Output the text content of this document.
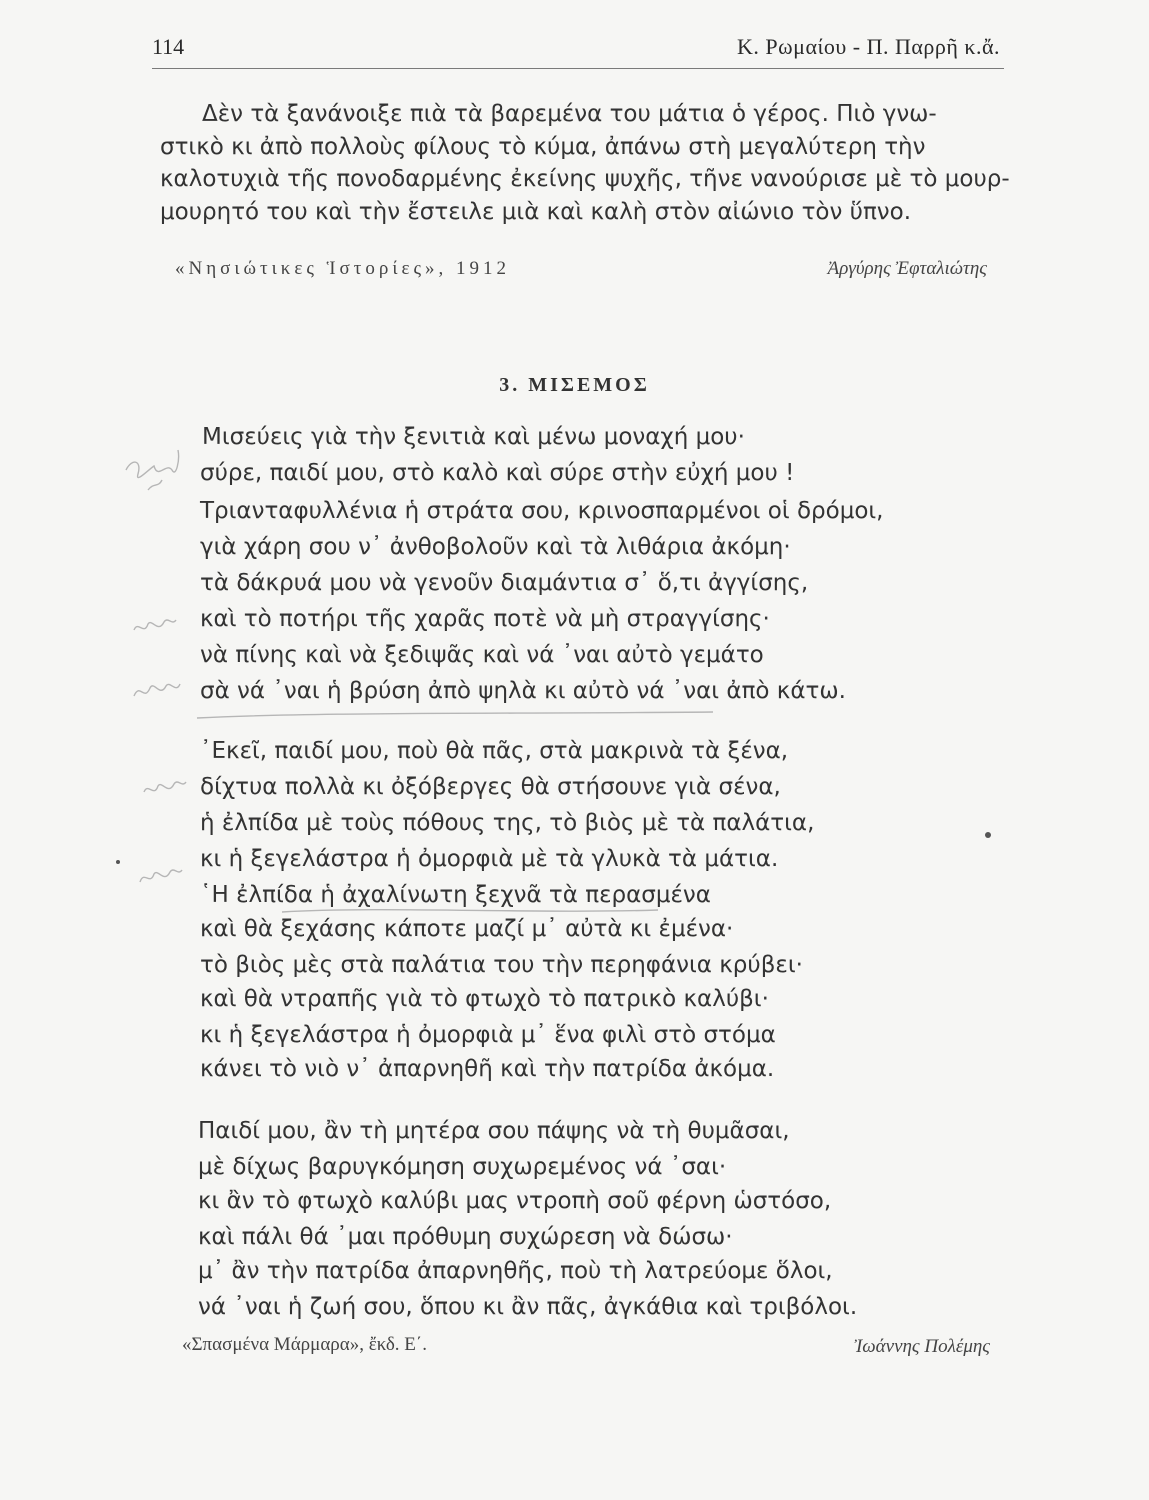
114	Κ. Ρωμαίου - Π. Παρρῆ κ.ἄ.
Δὲν τὰ ξανάνοιξε πιὰ τὰ βαρεμένα του μάτια ὁ γέρος. Πιὸ γνω-
στικὸ κι ἀπὸ πολλοὺς φίλους τὸ κύμα, ἀπάνω στὴ μεγαλύτερη τὴν
καλοτυχιὰ τῆς πονοδαρμένης ἐκείνης ψυχῆς, τῆνε νανούρισε μὲ τὸ μουρ-
μουρητό του καὶ τὴν ἔστειλε μιὰ καὶ καλὴ στὸν αἰώνιο τὸν ὕπνο.
«Νησιώτικες Ἱστορίες», 1912	Ἀργύρης Ἐφταλιώτης
3. ΜΙΣΕΜΟΣ
Μισεύεις γιὰ τὴν ξενιτιὰ καὶ μένω μοναχή μου·
σύρε, παιδί μου, στὸ καλὸ καὶ σύρε στὴν εὐχή μου !
Τριανταφυλλένια ἡ στράτα σου, κρινοσπαρμένοι οἱ δρόμοι,
γιὰ χάρη σου ν᾿ ἀνθοβολοῦν καὶ τὰ λιθάρια ἀκόμη·
τὰ δάκρυά μου νὰ γενοῦν διαμάντια σ᾿ ὅ,τι ἀγγίσης,
καὶ τὸ ποτήρι τῆς χαρᾶς ποτὲ νὰ μὴ στραγγίσης·
νὰ πίνης καὶ νὰ ξεδιψᾶς καὶ νά ᾿ναι αὐτὸ γεμάτο
σὰ νά ᾿ναι ἡ βρύση ἀπὸ ψηλὰ κι αὐτὸ νά ᾿ναι ἀπὸ κάτω.
᾿Εκεῖ, παιδί μου, ποὺ θὰ πᾶς, στὰ μακρινὰ τὰ ξένα,
δίχτυα πολλὰ κι ὀξόβεργες θὰ στήσουνε γιὰ σένα,
ἡ ἐλπίδα μὲ τοὺς πόθους της, τὸ βιὸς μὲ τὰ παλάτια,
κι ἡ ξεγελάστρα ἡ ὀμορφιὰ μὲ τὰ γλυκὰ τὰ μάτια.
῾Η ἐλπίδα ἡ ἀχαλίνωτη ξεχνᾶ τὰ περασμένα
καὶ θὰ ξεχάσης κάποτε μαζί μ᾿ αὐτὰ κι ἐμένα·
τὸ βιὸς μὲς στὰ παλάτια του τὴν περηφάνια κρύβει·
καὶ θὰ ντραπῆς γιὰ τὸ φτωχὸ τὸ πατρικὸ καλύβι·
κι ἡ ξεγελάστρα ἡ ὀμορφιὰ μ᾿ ἕνα φιλὶ στὸ στόμα
κάνει τὸ νιὸ ν᾿ ἀπαρνηθῆ καὶ τὴν πατρίδα ἀκόμα.
Παιδί μου, ἂν τὴ μητέρα σου πάψης νὰ τὴ θυμᾶσαι,
μὲ δίχως βαρυγκόμηση συχωρεμένος νά ᾿σαι·
κι ἂν τὸ φτωχὸ καλύβι μας ντροπὴ σοῦ φέρνη ὡστόσο,
καὶ πάλι θά ᾿μαι πρόθυμη συχώρεση νὰ δώσω·
μ᾿ ἂν τὴν πατρίδα ἀπαρνηθῆς, ποὺ τὴ λατρεύομε ὅλοι,
νά ᾿ναι ἡ ζωή σου, ὅπου κι ἂν πᾶς, ἀγκάθια καὶ τριβόλοι.
«Σπασμένα Μάρμαρα», ἔκδ. Ε΄.	Ἰωάννης Πολέμης
